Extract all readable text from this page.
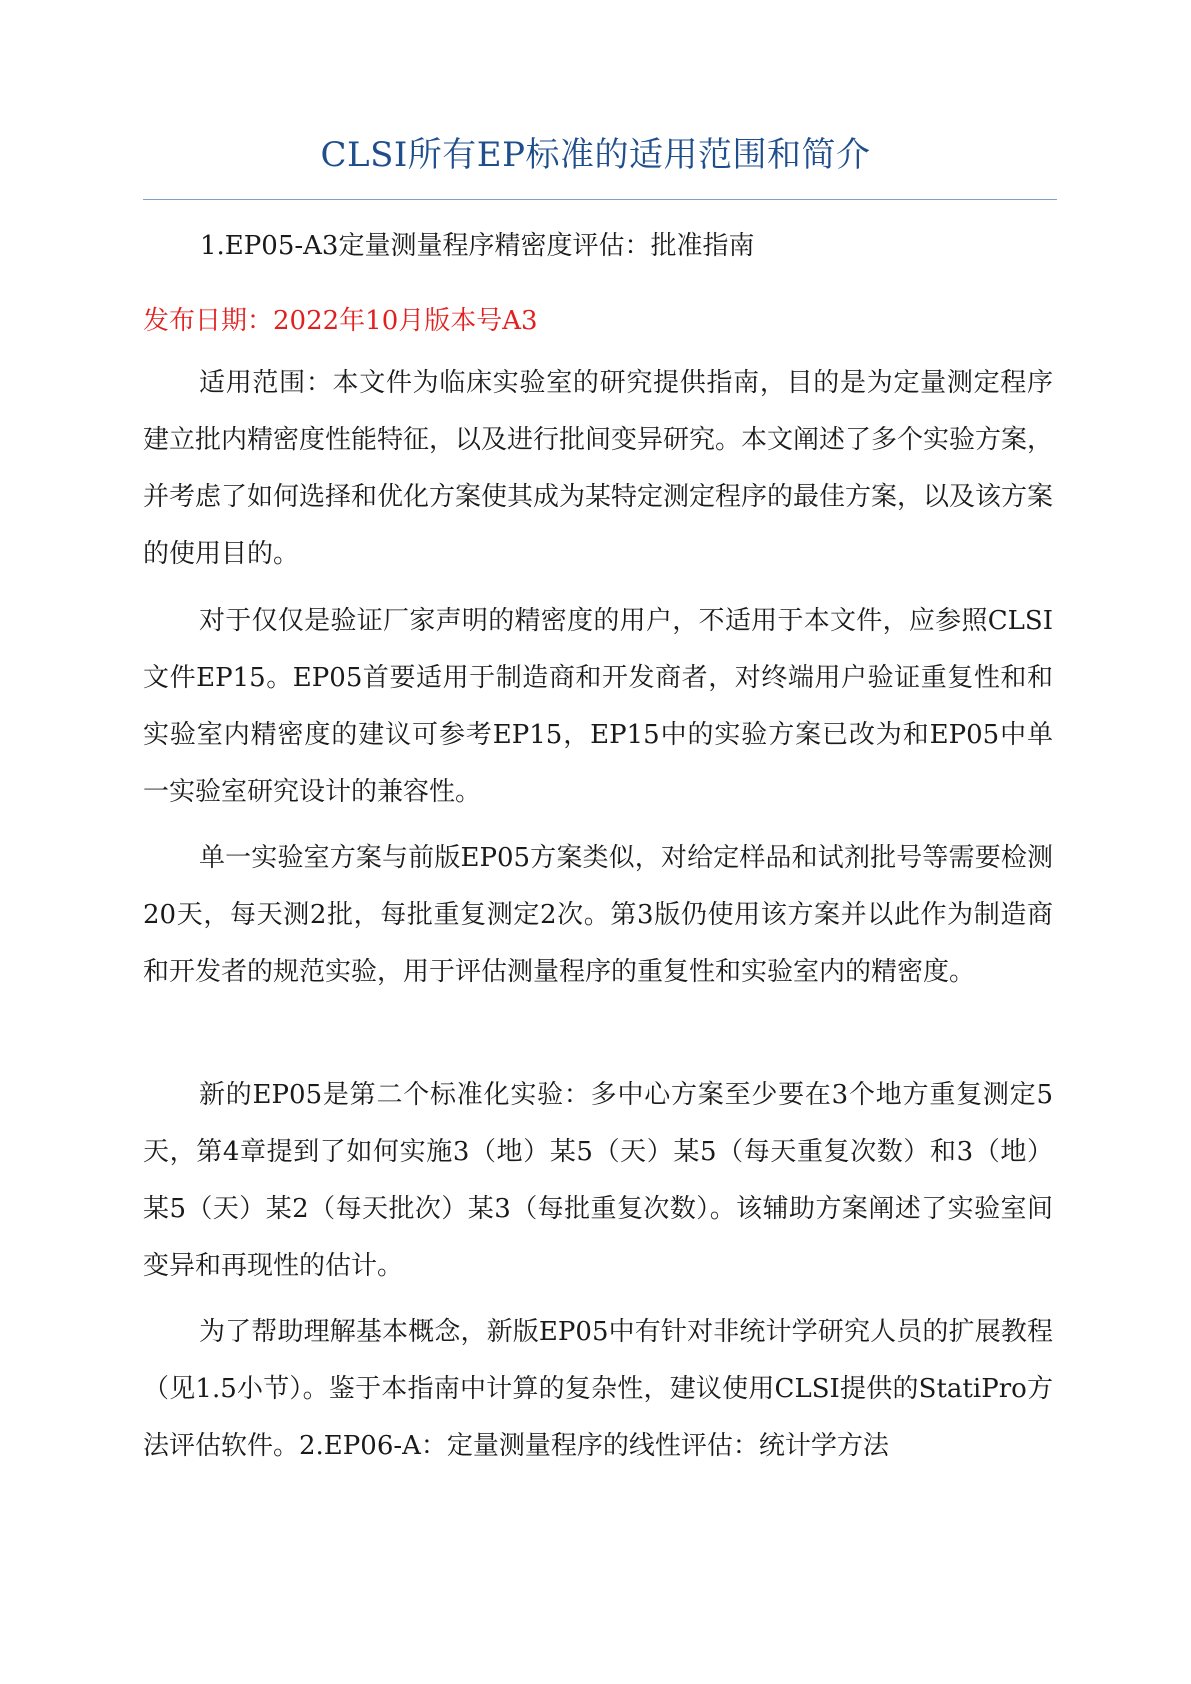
CLSI所有EP标准的适用范围和简介

1.EP05-A3定量测量程序精密度评估：批准指南

发布日期：2022年10月版本号A3

适用范围：本文件为临床实验室的研究提供指南，目的是为定量测定程序建立批内精密度性能特征，以及进行批间变异研究。本文阐述了多个实验方案，并考虑了如何选择和优化方案使其成为某特定测定程序的最佳方案，以及该方案的使用目的。

对于仅仅是验证厂家声明的精密度的用户，不适用于本文件，应参照CLSI文件EP15。EP05首要适用于制造商和开发商者，对终端用户验证重复性和和实验室内精密度的建议可参考EP15，EP15中的实验方案已改为和EP05中单一实验室研究设计的兼容性。

单一实验室方案与前版EP05方案类似，对给定样品和试剂批号等需要检测20天，每天测2批，每批重复测定2次。第3版仍使用该方案并以此作为制造商和开发者的规范实验，用于评估测量程序的重复性和实验室内的精密度。

新的EP05是第二个标准化实验：多中心方案至少要在3个地方重复测定5天，第4章提到了如何实施3（地）某5（天）某5（每天重复次数）和3（地）某5（天）某2（每天批次）某3（每批重复次数）。该辅助方案阐述了实验室间变异和再现性的估计。

为了帮助理解基本概念，新版EP05中有针对非统计学研究人员的扩展教程（见1.5小节）。鉴于本指南中计算的复杂性，建议使用CLSI提供的StatiPro方法评估软件。2.EP06-A：定量测量程序的线性评估：统计学方法
